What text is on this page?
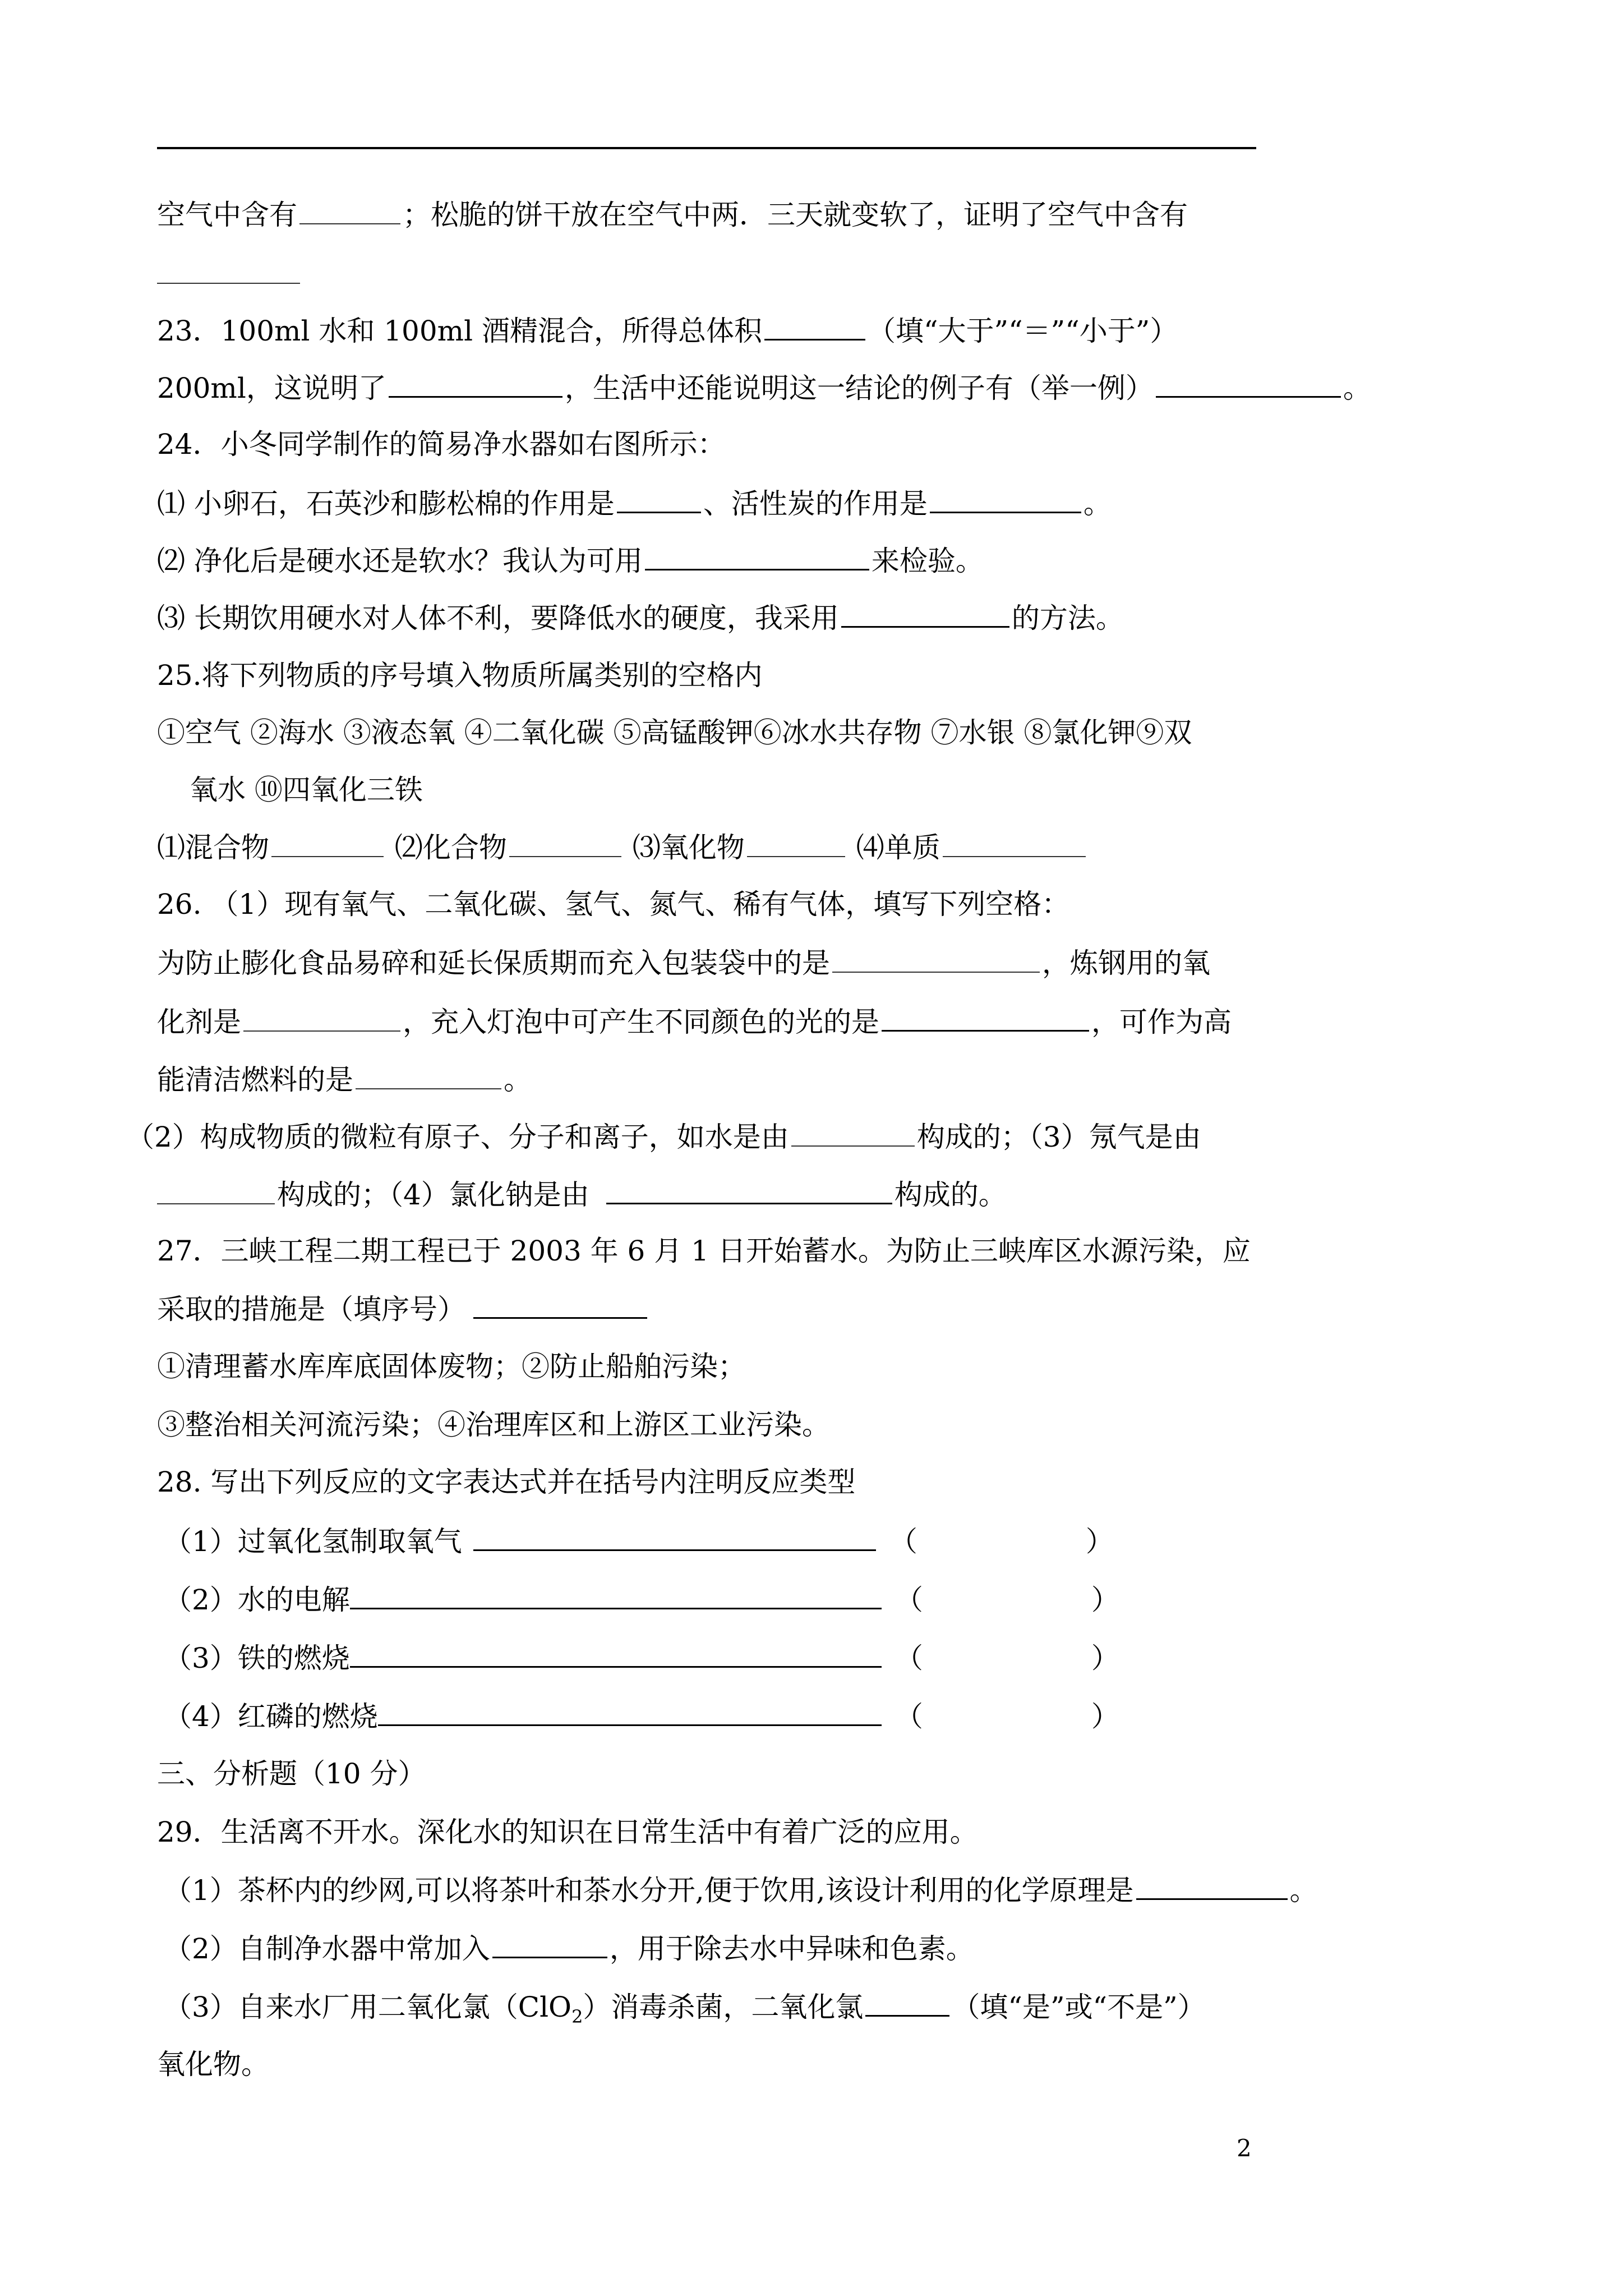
空气中含有	；松脆的饼干放在空气中两．三天就变软了，证明了空气中含有
23．100ml 水和 100ml 酒精混合，所得总体积	（填“大于”“＝”“小于”）
200ml，这说明了	，生活中还能说明这一结论的例子有（举一例）	。
24．小冬同学制作的简易净水器如右图所示：
⑴ 小卵石，石英沙和膨松棉的作用是	、活性炭的作用是	。
⑵ 净化后是硬水还是软水？我认为可用	来检验。
⑶ 长期饮用硬水对人体不利，要降低水的硬度，我采用	的方法。
25.将下列物质的序号填入物质所属类别的空格内
①空气 ②海水 ③液态氧 ④二氧化碳 ⑤高锰酸钾⑥冰水共存物 ⑦水银 ⑧氯化钾⑨双
氧水 ⑩四氧化三铁
⑴混合物	⑵化合物	⑶氧化物	⑷单质
26. （1）现有氧气、二氧化碳、氢气、氮气、稀有气体，填写下列空格：
为防止膨化食品易碎和延长保质期而充入包装袋中的是	，炼钢用的氧
化剂是	，充入灯泡中可产生不同颜色的光的是	，可作为高
能清洁燃料的是	。
（2）构成物质的微粒有原子、分子和离子，如水是由	构成的；（3）氖气是由
构成的；（4）氯化钠是由	构成的。
27．三峡工程二期工程已于 2003 年 6 月 1 日开始蓄水。为防止三峡库区水源污染，应
采取的措施是（填序号）
①清理蓄水库库底固体废物；②防止船舶污染；
③整治相关河流污染；④治理库区和上游区工业污染。
28. 写出下列反应的文字表达式并在括号内注明反应类型
（1）过氧化氢制取氧气	（	）
（2）水的电解	（	）
（3）铁的燃烧	（	）
（4）红磷的燃烧	（	）
三、分析题（10 分）
29．生活离不开水。深化水的知识在日常生活中有着广泛的应用。
（1）茶杯内的纱网,可以将茶叶和茶水分开,便于饮用,该设计利用的化学原理是	。
（2）自制净水器中常加入	，用于除去水中异味和色素。
（3）自来水厂用二氧化氯（ClO$_2$）消毒杀菌，二氧化氯	（填“是”或“不是”）
氧化物。
2
